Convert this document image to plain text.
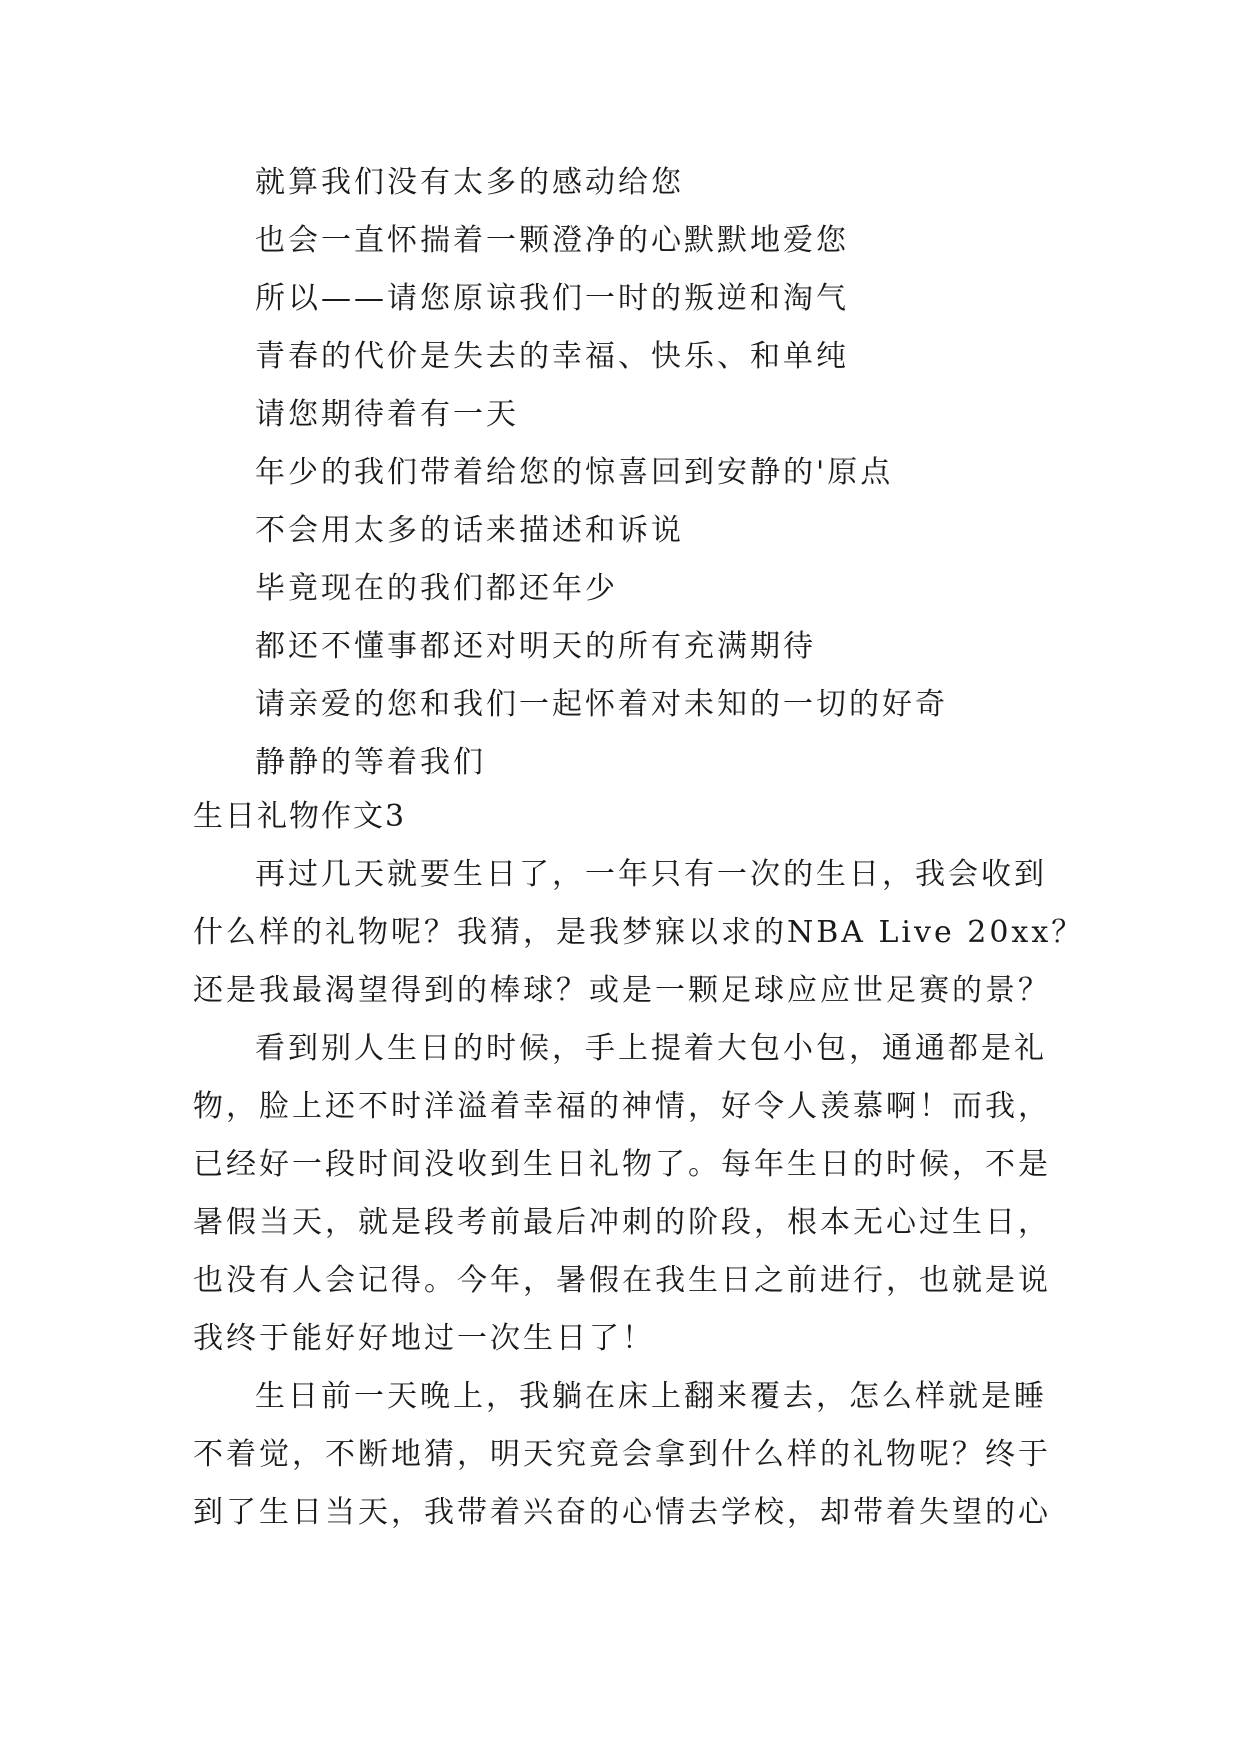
就算我们没有太多的感动给您
也会一直怀揣着一颗澄净的心默默地爱您
所以——请您原谅我们一时的叛逆和淘气
青春的代价是失去的幸福、快乐、和单纯
请您期待着有一天
年少的我们带着给您的惊喜回到安静的'原点
不会用太多的话来描述和诉说
毕竟现在的我们都还年少
都还不懂事都还对明天的所有充满期待
请亲爱的您和我们一起怀着对未知的一切的好奇
静静的等着我们
生日礼物作文3
再过几天就要生日了，一年只有一次的生日，我会收到
什么样的礼物呢？我猜，是我梦寐以求的NBA Live 20xx？
还是我最渴望得到的棒球？或是一颗足球应应世足赛的景？
看到别人生日的时候，手上提着大包小包，通通都是礼
物，脸上还不时洋溢着幸福的神情，好令人羡慕啊！而我，
已经好一段时间没收到生日礼物了。每年生日的时候，不是
暑假当天，就是段考前最后冲刺的阶段，根本无心过生日，
也没有人会记得。今年，暑假在我生日之前进行，也就是说
我终于能好好地过一次生日了！
生日前一天晚上，我躺在床上翻来覆去，怎么样就是睡
不着觉，不断地猜，明天究竟会拿到什么样的礼物呢？终于
到了生日当天，我带着兴奋的心情去学校，却带着失望的心
